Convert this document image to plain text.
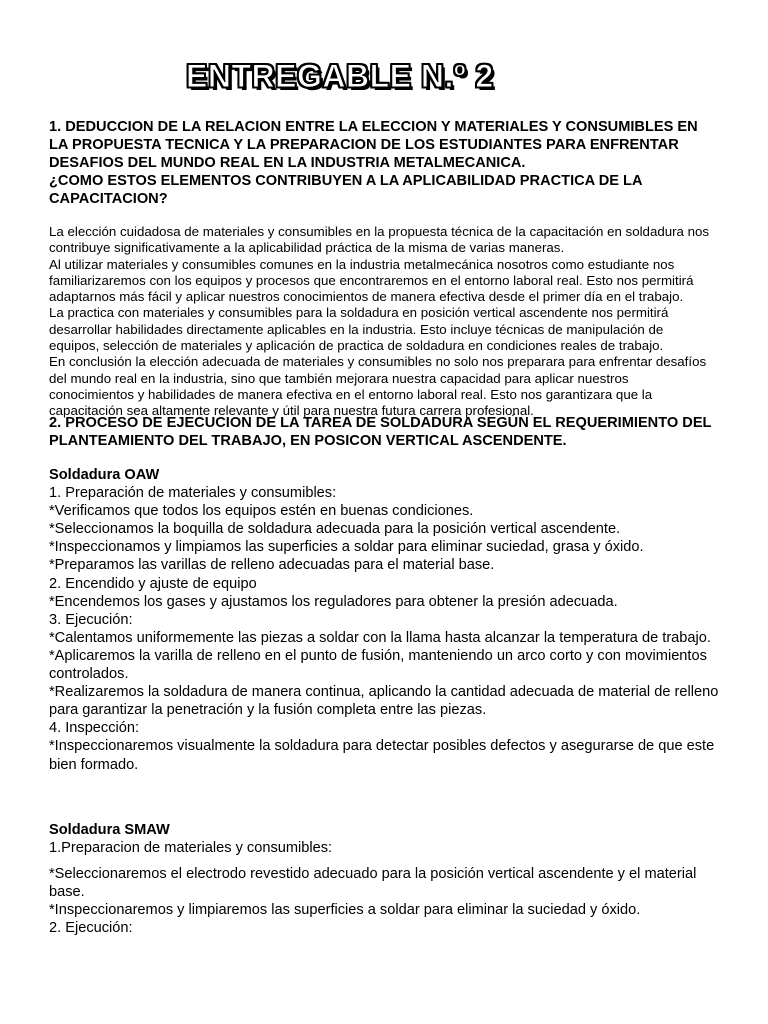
ENTREGABLE N.º 2
1. DEDUCCION DE LA RELACION ENTRE LA ELECCION Y MATERIALES Y CONSUMIBLES EN
LA PROPUESTA TECNICA Y LA PREPARACION DE LOS ESTUDIANTES PARA ENFRENTAR
DESAFIOS DEL MUNDO REAL EN LA INDUSTRIA METALMECANICA.
¿COMO ESTOS ELEMENTOS CONTRIBUYEN A LA APLICABILIDAD PRACTICA DE LA
CAPACITACION?
La elección cuidadosa de materiales y consumibles en la propuesta técnica de la capacitación en soldadura nos
contribuye significativamente a la aplicabilidad práctica de la misma de varias maneras.
Al utilizar materiales y consumibles comunes en la industria metalmecánica nosotros como estudiante nos
familiarizaremos con los equipos y procesos que encontraremos en el entorno laboral real. Esto nos permitirá
adaptarnos más fácil y aplicar nuestros conocimientos de manera efectiva desde el primer día en el trabajo.
La practica con materiales y consumibles para la soldadura en posición vertical ascendente nos permitirá
desarrollar habilidades directamente aplicables en la industria. Esto incluye técnicas de manipulación de
equipos, selección de materiales y aplicación de practica de soldadura en condiciones reales de trabajo.
En conclusión la elección adecuada de materiales y consumibles no solo nos preparara para enfrentar desafíos
del mundo real en la industria, sino que también mejorara nuestra capacidad para aplicar nuestros
conocimientos y habilidades de manera efectiva en el entorno laboral real. Esto nos garantizara que la
capacitación sea altamente relevante y útil para nuestra futura carrera profesional.
2. PROCESO DE EJECUCION DE LA TAREA DE SOLDADURA SEGÚN EL REQUERIMIENTO DEL
PLANTEAMIENTO DEL TRABAJO, EN POSICON VERTICAL ASCENDENTE.
Soldadura OAW
1. Preparación de materiales y consumibles:
*Verificamos que todos los equipos estén en buenas condiciones.
*Seleccionamos la boquilla de soldadura adecuada para la posición vertical ascendente.
*Inspeccionamos y limpiamos las superficies a soldar para eliminar suciedad, grasa y óxido.
*Preparamos las varillas de relleno adecuadas para el material base.
2. Encendido y ajuste de equipo
*Encendemos los gases y ajustamos los reguladores para obtener la presión adecuada.
3. Ejecución:
*Calentamos uniformemente las piezas a soldar con la llama hasta alcanzar la temperatura de trabajo.
*Aplicaremos la varilla de relleno en el punto de fusión, manteniendo un arco corto y con movimientos
controlados.
*Realizaremos la soldadura de manera continua, aplicando la cantidad adecuada de material de relleno
para garantizar la penetración y la fusión completa entre las piezas.
4. Inspección:
*Inspeccionaremos visualmente la soldadura para detectar posibles defectos y asegurarse de que este
bien formado.
Soldadura SMAW
1.Preparacion de materiales y consumibles:
*Seleccionaremos el electrodo revestido adecuado para la posición vertical ascendente y el material
base.
*Inspeccionaremos y limpiaremos las superficies a soldar para eliminar la suciedad y óxido.
2. Ejecución:
